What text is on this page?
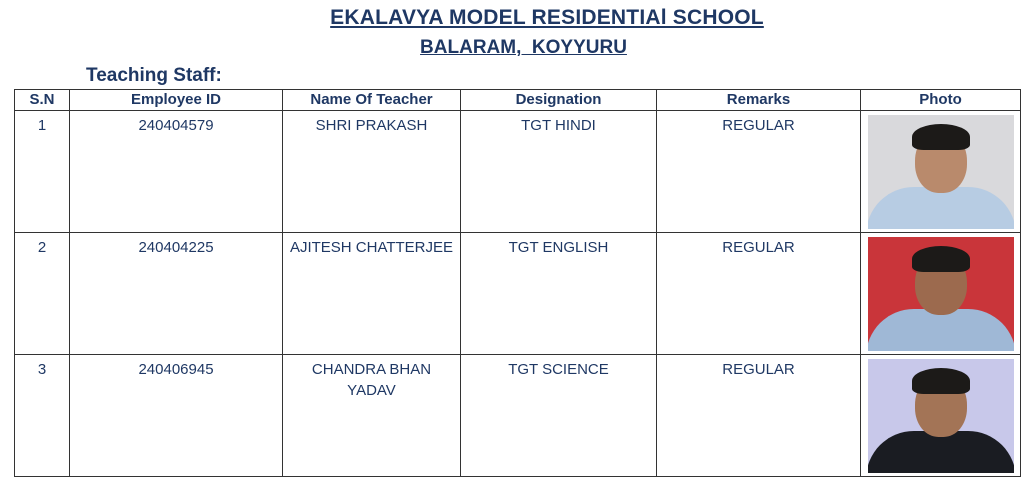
EKALAVYA MODEL RESIDENTIAl SCHOOL
BALARAM,  KOYYURU
Teaching Staff:
S.N	Employee ID	Name Of Teacher	Designation	Remarks	Photo
1	240404579	SHRI PRAKASH	TGT HINDI	REGULAR	

2	240404225	AJITESH CHATTERJEE	TGT ENGLISH	REGULAR	

3	240406945	CHANDRA BHAN YADAV	TGT SCIENCE	REGULAR	
